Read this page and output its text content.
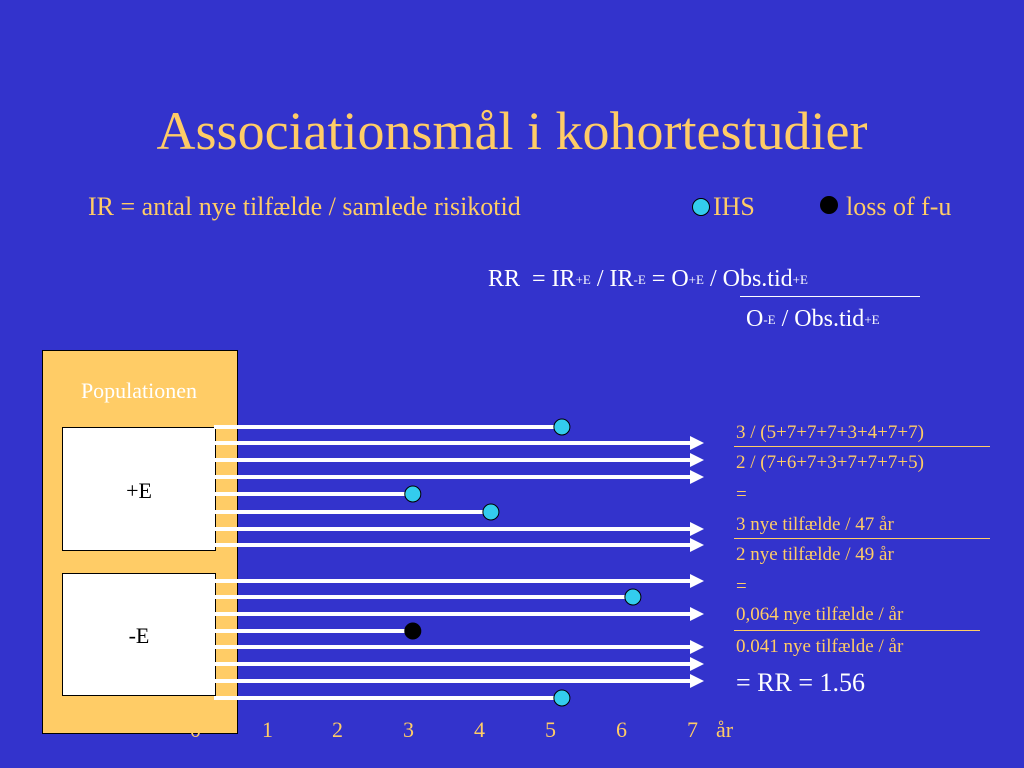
Associationsmål i kohortestudier
IR = antal nye tilfælde / samlede risikotid	IHS	loss of f-u
RR = $IR_{+E} / IR_{-E} = O_{+E} / Obs.tid_{+E}$
$O_{-E} / Obs.tid_{+E}$
Populationen
+E
-E
3 / (5+7+7+7+3+4+7+7)
2 / (7+6+7+3+7+7+7+5)
=
3 nye tilfælde / 47 år
2 nye tilfælde / 49 år
=
0,064 nye tilfælde / år
0.041 nye tilfælde / år
= RR = 1.56
0	1	2	3	4	5	6	7 år
